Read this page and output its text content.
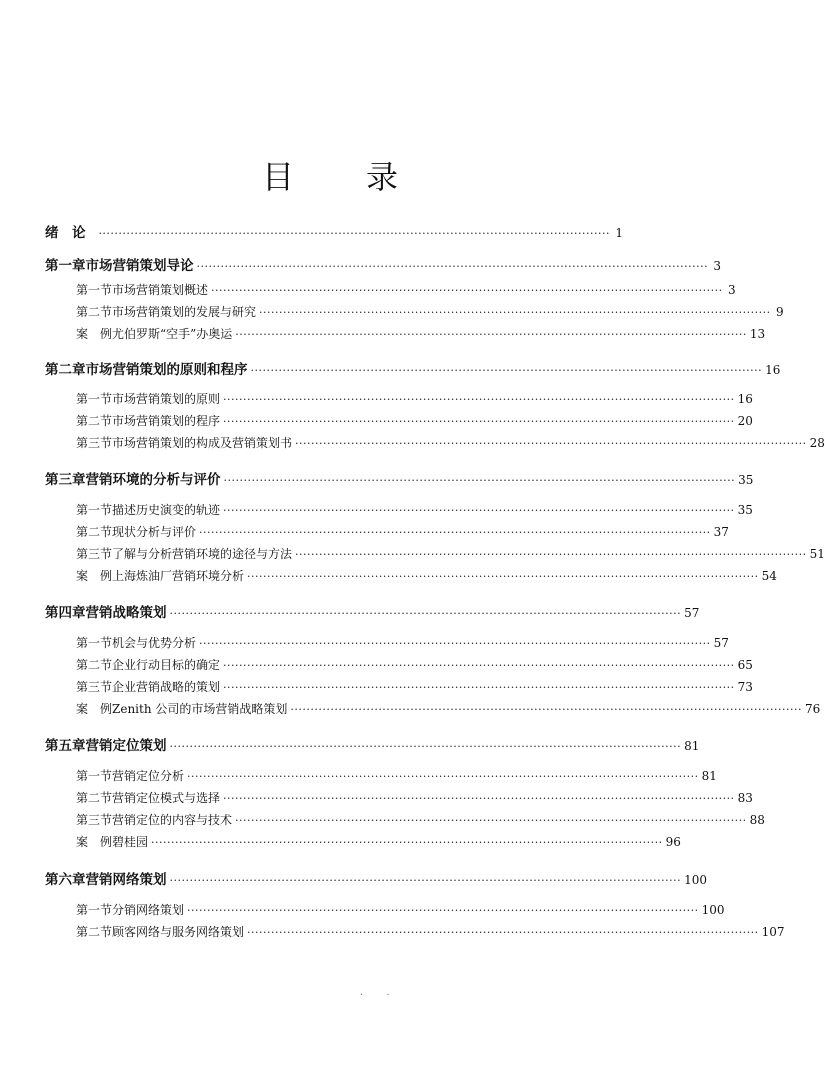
目 录
绪　论	································································································································ 1
第一章 市场营销策划导论 ································································································································ 3
第一节 市场营销策划概述 ································································································································ 3
第二节 市场营销策划的发展与研究 ································································································································ 9
案　例 尤伯罗斯“空手”办奥运 ································································································································ 13
第二章 市场营销策划的原则和程序 ································································································································ 16
第一节 市场营销策划的原则 ································································································································ 16
第二节 市场营销策划的程序 ································································································································ 20
第三节 市场营销策划的构成及营销策划书 ································································································································ 28
第三章 营销环境的分析与评价 ································································································································ 35
第一节 描述历史演变的轨迹 ································································································································ 35
第二节 现状分析与评价 ································································································································ 37
第三节 了解与分析营销环境的途径与方法 ································································································································ 51
案　例 上海炼油厂营销环境分析 ································································································································ 54
第四章 营销战略策划 ································································································································ 57
第一节 机会与优势分析 ································································································································ 57
第二节 企业行动目标的确定 ································································································································ 65
第三节 企业营销战略的策划 ································································································································ 73
案　例 Zenith 公司的市场营销战略策划 ································································································································ 76
第五章 营销定位策划 ································································································································ 81
第一节 营销定位分析 ································································································································ 81
第二节 营销定位模式与选择 ································································································································ 83
第三节 营销定位的内容与技术 ································································································································ 88
案　例 碧桂园 ································································································································ 96
第六章 营销网络策划 ································································································································ 100
第一节 分销网络策划 ································································································································ 100
第二节 顾客网络与服务网络策划 ································································································································ 107
· ·
